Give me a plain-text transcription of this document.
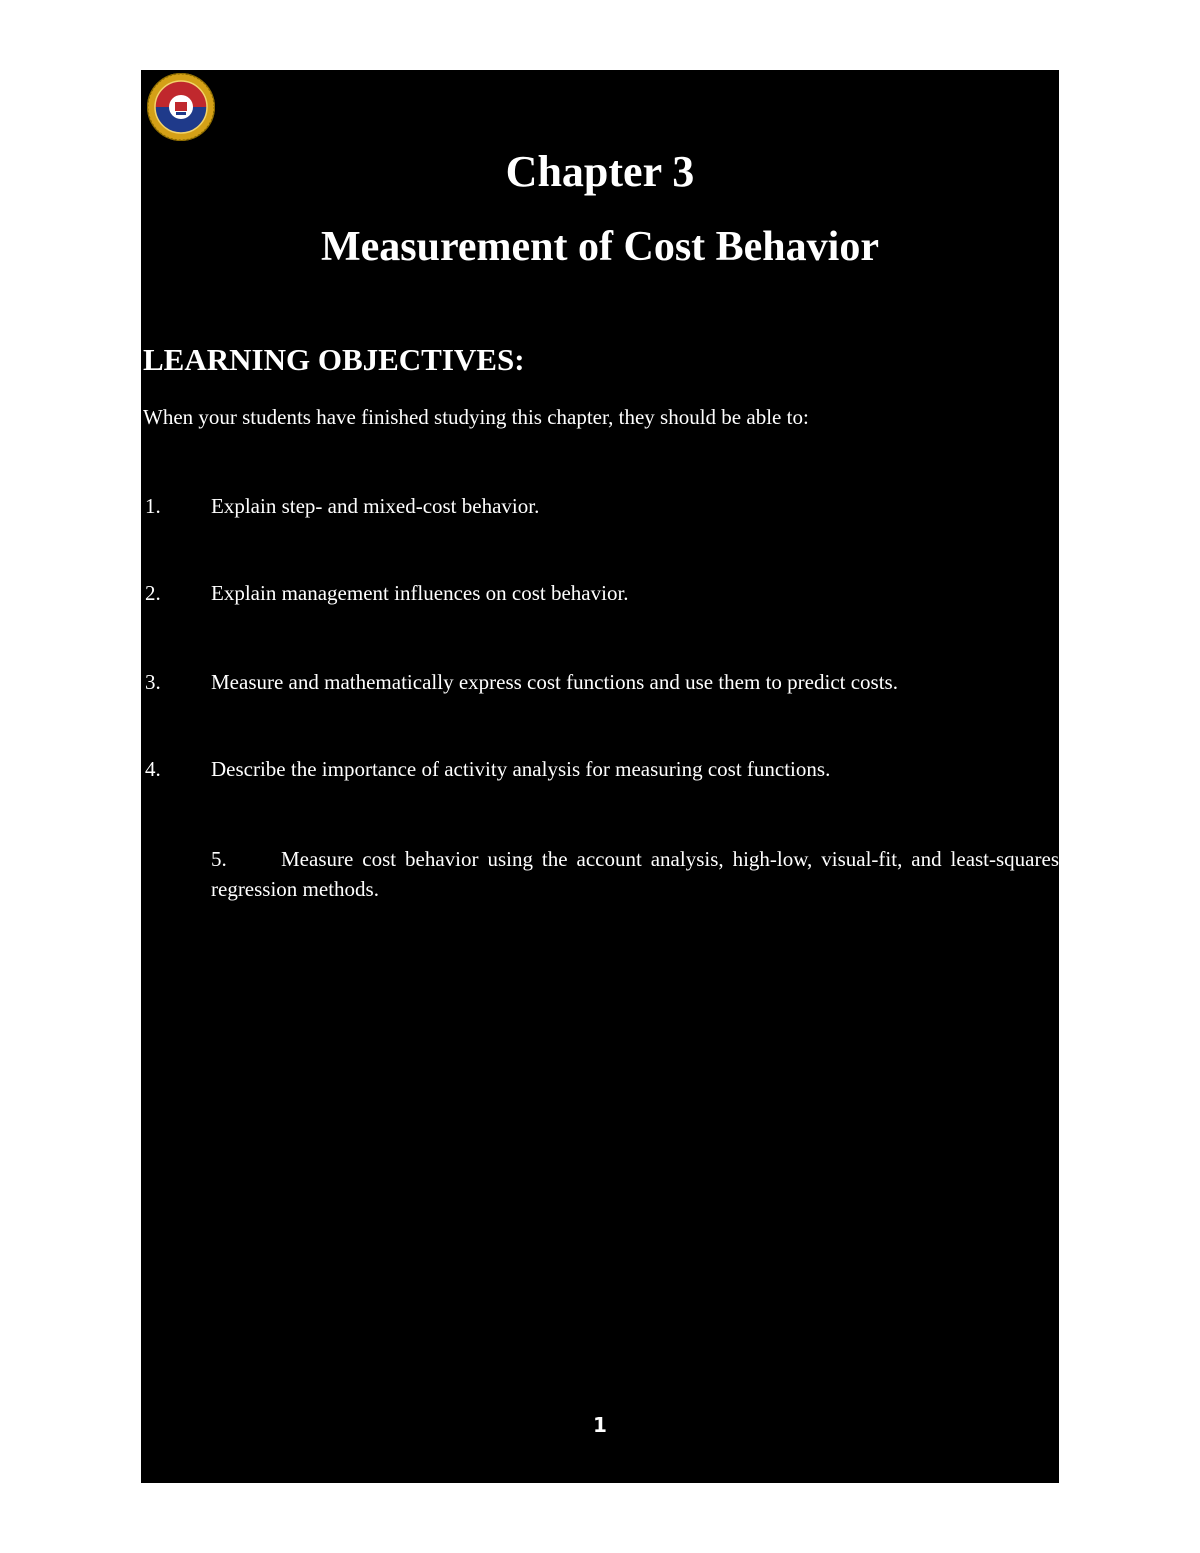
Chapter 3
Measurement of Cost Behavior
LEARNING OBJECTIVES:
When your students have finished studying this chapter, they should be able to:
1. Explain step- and mixed-cost behavior.
2. Explain management influences on cost behavior.
3. Measure and mathematically express cost functions and use them to predict costs.
4. Describe the importance of activity analysis for measuring cost functions.
5.	Measure cost behavior using the account analysis, high-low, visual-fit, and least-squares regression methods.
1
